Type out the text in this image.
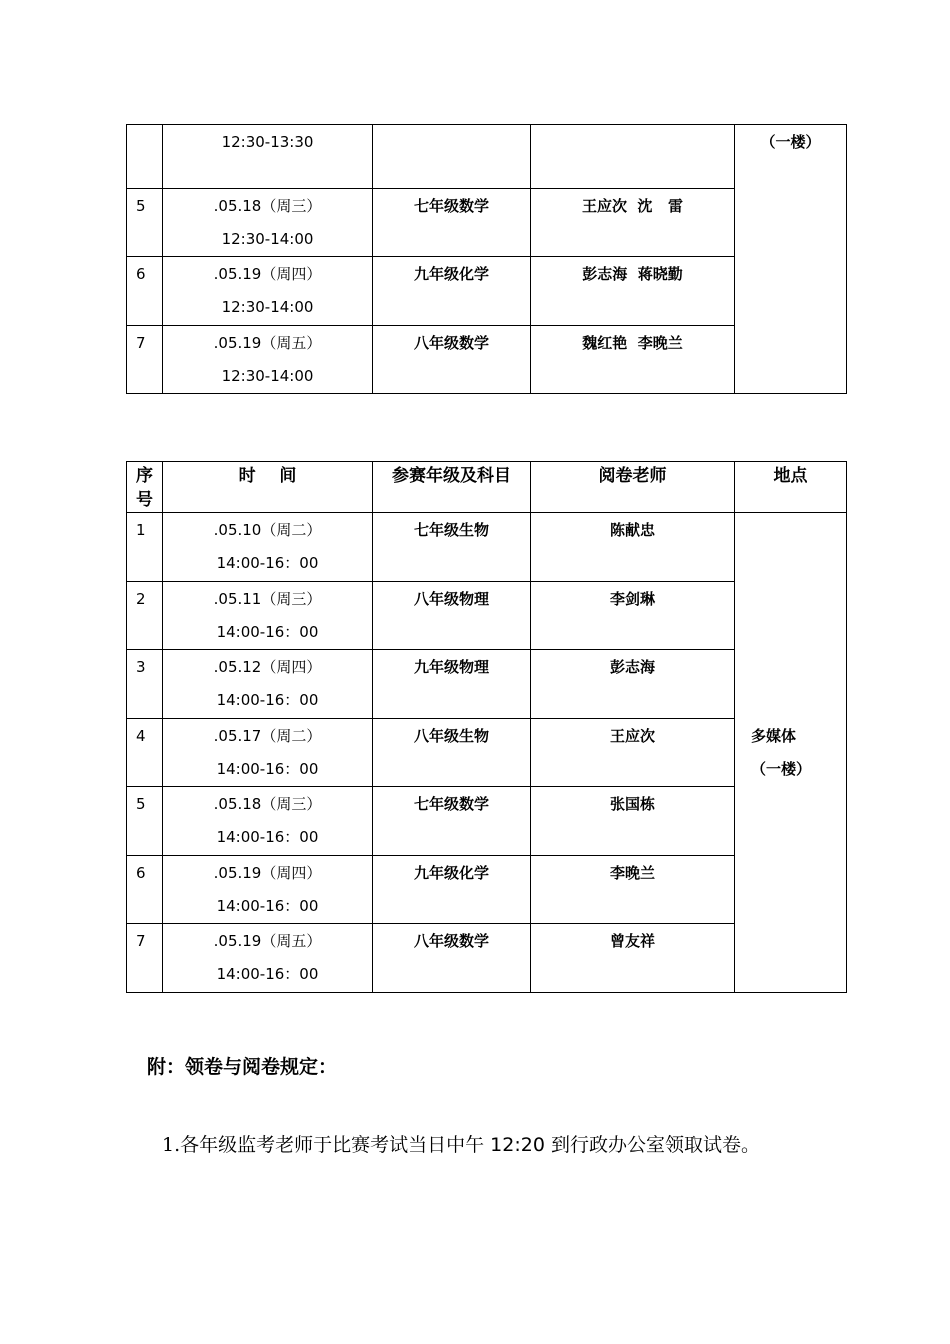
	12:30-13:30			（一楼）

5	.05.18（周三）
12:30-14:00	七年级数学	王应次  沈   雷	

6	.05.19（周四）
12:30-14:00	九年级化学	彭志海  蒋晓勤	

7	.05.19（周五）
12:30-14:00	八年级数学	魏红艳  李晚兰	
序号	时    间	参赛年级及科目	阅卷老师	地点
1	.05.10（周二）
14:00-16：00	七年级生物	陈献忠	多媒体
（一楼）

2	.05.11（周三）
14:00-16：00	八年级物理	李剑琳	

3	.05.12（周四）
14:00-16：00	九年级物理	彭志海	

4	.05.17（周二）
14:00-16：00	八年级生物	王应次	

5	.05.18（周三）
14:00-16：00	七年级数学	张国栋	

6	.05.19（周四）
14:00-16：00	九年级化学	李晚兰	

7	.05.19（周五）
14:00-16：00	八年级数学	曾友祥	
附：领卷与阅卷规定：
1.各年级监考老师于比赛考试当日中午 12:20 到行政办公室领取试卷。
